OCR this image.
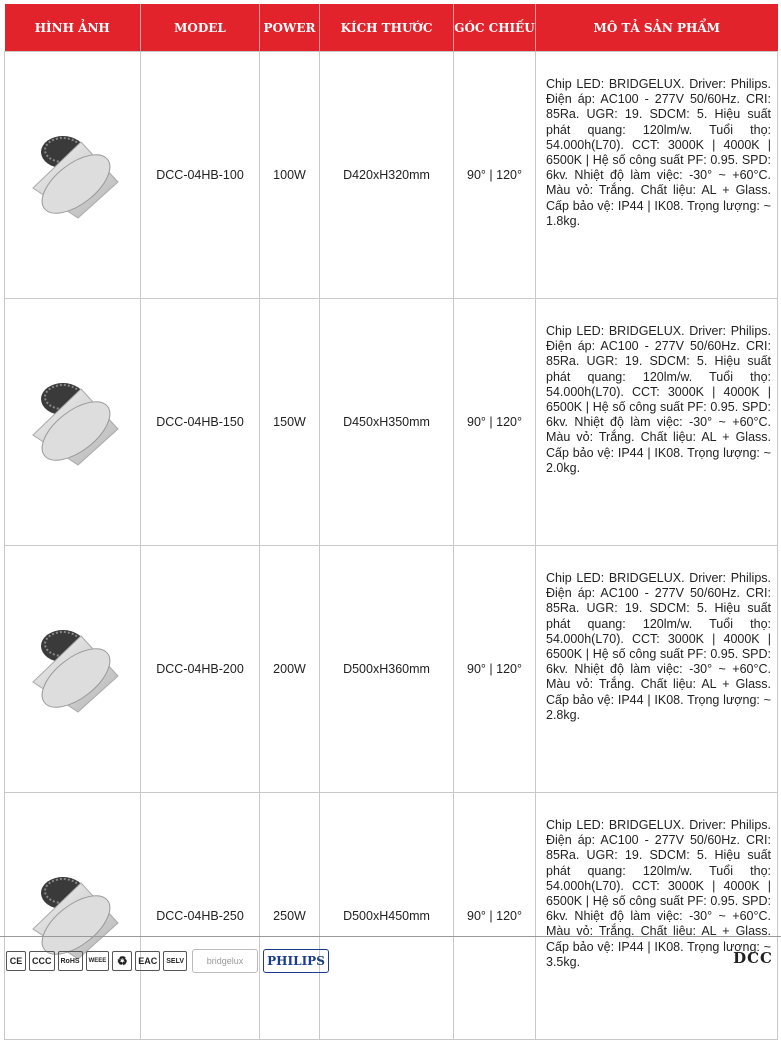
HÌNH ẢNH	MODEL	POWER	KÍCH THƯỚC	GÓC CHIẾU	MÔ TẢ SẢN PHẨM

	DCC-04HB-100	100W	D420xH320mm	90° | 120°	Chip LED: BRIDGELUX. Driver: Philips. Điện áp: AC100 - 277V 50/60Hz. CRI: 85Ra. UGR: 19. SDCM: 5. Hiệu suất phát quang: 120lm/w. Tuổi thọ: 54.000h(L70). CCT: 3000K | 4000K | 6500K | Hệ số công suất PF: 0.95. SPD: 6kv. Nhiệt độ làm việc: -30° ~ +60°C. Màu vỏ: Trắng. Chất liệu: AL + Glass. Cấp bảo vệ: IP44 | IK08. Trọng lượng: ~ 1.8kg.

	DCC-04HB-150	150W	D450xH350mm	90° | 120°	Chip LED: BRIDGELUX. Driver: Philips. Điện áp: AC100 - 277V 50/60Hz. CRI: 85Ra. UGR: 19. SDCM: 5. Hiệu suất phát quang: 120lm/w. Tuổi thọ: 54.000h(L70). CCT: 3000K | 4000K | 6500K | Hệ số công suất PF: 0.95. SPD: 6kv. Nhiệt độ làm việc: -30° ~ +60°C. Màu vỏ: Trắng. Chất liệu: AL + Glass. Cấp bảo vệ: IP44 | IK08. Trọng lượng: ~ 2.0kg.

	DCC-04HB-200	200W	D500xH360mm	90° | 120°	Chip LED: BRIDGELUX. Driver: Philips. Điện áp: AC100 - 277V 50/60Hz. CRI: 85Ra. UGR: 19. SDCM: 5. Hiệu suất phát quang: 120lm/w. Tuổi thọ: 54.000h(L70). CCT: 3000K | 4000K | 6500K | Hệ số công suất PF: 0.95. SPD: 6kv. Nhiệt độ làm việc: -30° ~ +60°C. Màu vỏ: Trắng. Chất liệu: AL + Glass. Cấp bảo vệ: IP44 | IK08. Trọng lượng: ~ 2.8kg.

	DCC-04HB-250	250W	D500xH450mm	90° | 120°	Chip LED: BRIDGELUX. Driver: Philips. Điện áp: AC100 - 277V 50/60Hz. CRI: 85Ra. UGR: 19. SDCM: 5. Hiệu suất phát quang: 120lm/w. Tuổi thọ: 54.000h(L70). CCT: 3000K | 4000K | 6500K | Hệ số công suất PF: 0.95. SPD: 6kv. Nhiệt độ làm việc: -30° ~ +60°C. Màu vỏ: Trắng. Chất liệu: AL + Glass. Cấp bảo vệ: IP44 | IK08. Trọng lượng: ~ 3.5kg.
CE	CCC	RoHS	WEEE ♻	EAC	SELV	bridgelux	PHILIPS	DCC
